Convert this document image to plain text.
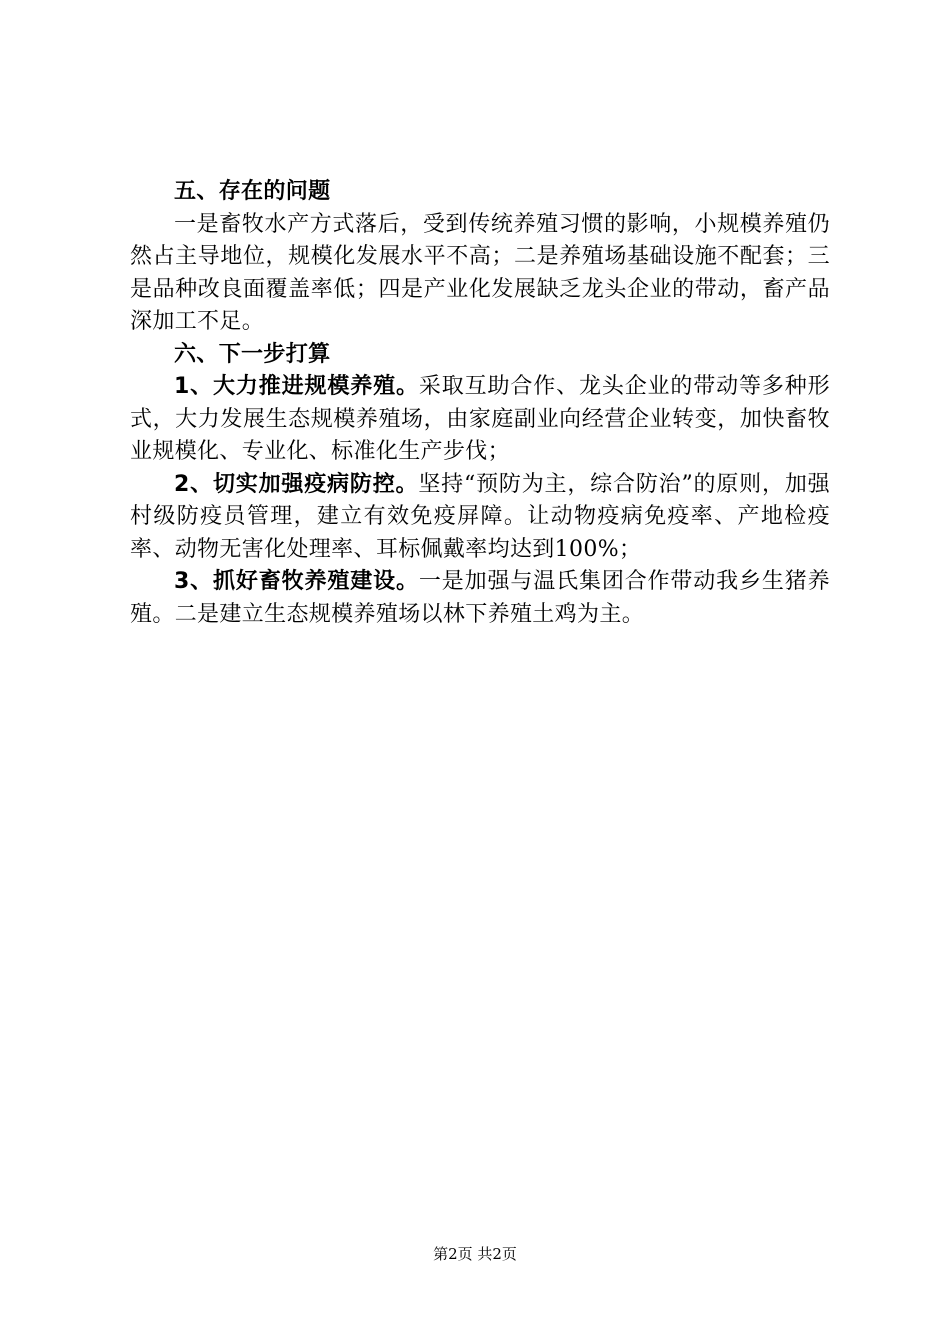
五、存在的问题

一是畜牧水产方式落后，受到传统养殖习惯的影响，小规模养殖仍然占主导地位，规模化发展水平不高；二是养殖场基础设施不配套；三是品种改良面覆盖率低；四是产业化发展缺乏龙头企业的带动，畜产品深加工不足。

六、下一步打算

1、大力推进规模养殖。采取互助合作、龙头企业的带动等多种形式，大力发展生态规模养殖场，由家庭副业向经营企业转变，加快畜牧业规模化、专业化、标准化生产步伐；

2、切实加强疫病防控。坚持“预防为主，综合防治”的原则，加强村级防疫员管理，建立有效免疫屏障。让动物疫病免疫率、产地检疫率、动物无害化处理率、耳标佩戴率均达到100%；

3、抓好畜牧养殖建设。一是加强与温氏集团合作带动我乡生猪养殖。二是建立生态规模养殖场以林下养殖土鸡为主。

第2页 共2页
